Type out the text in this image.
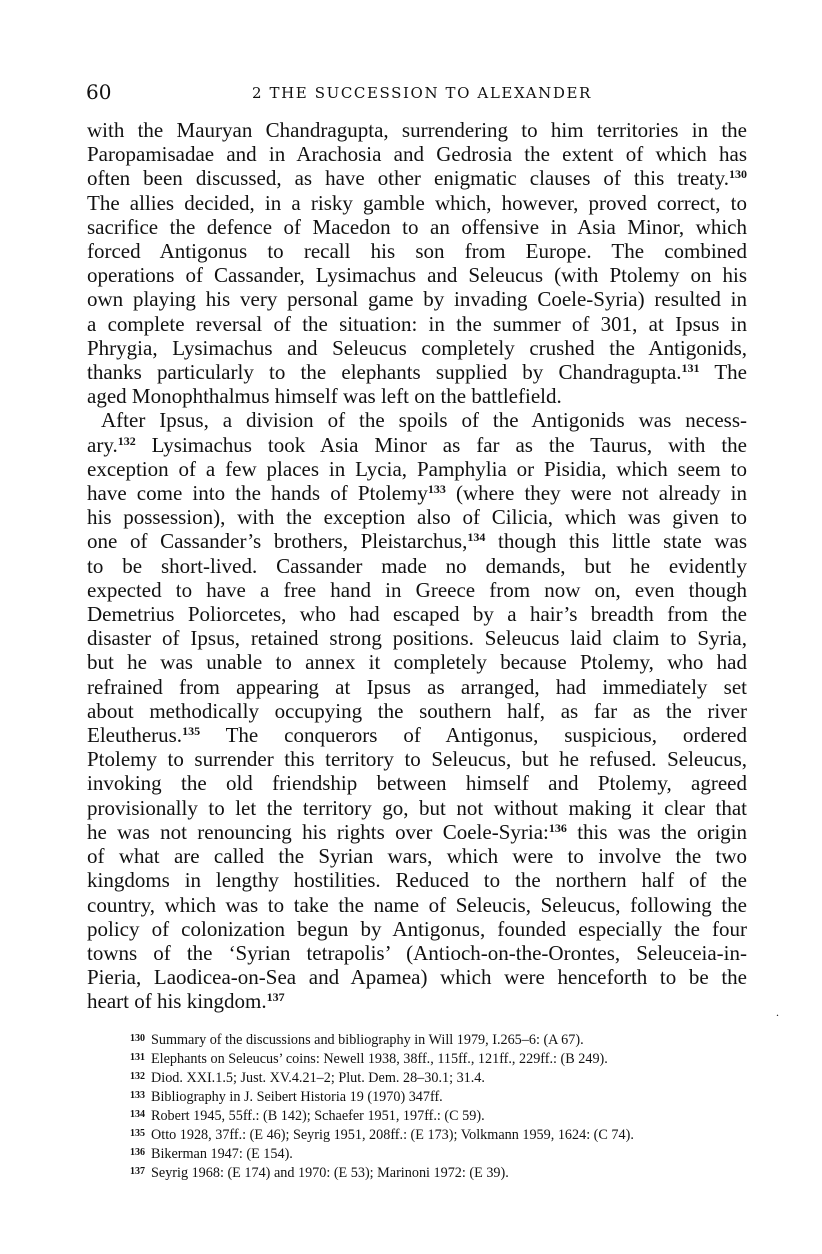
60	2 THE SUCCESSION TO ALEXANDER
with the Mauryan Chandragupta, surrendering to him territories in the
Paropamisadae and in Arachosia and Gedrosia the extent of which has
often been discussed, as have other enigmatic clauses of this treaty.$^{130}$
The allies decided, in a risky gamble which, however, proved correct, to
sacrifice the defence of Macedon to an offensive in Asia Minor, which
forced Antigonus to recall his son from Europe. The combined
operations of Cassander, Lysimachus and Seleucus (with Ptolemy on his
own playing his very personal game by invading Coele-Syria) resulted in
a complete reversal of the situation: in the summer of 301, at Ipsus in
Phrygia, Lysimachus and Seleucus completely crushed the Antigonids,
thanks particularly to the elephants supplied by Chandragupta.$^{131}$ The
aged Monophthalmus himself was left on the battlefield.
After Ipsus, a division of the spoils of the Antigonids was necess-
ary.$^{132}$ Lysimachus took Asia Minor as far as the Taurus, with the
exception of a few places in Lycia, Pamphylia or Pisidia, which seem to
have come into the hands of Ptolemy$^{133}$ (where they were not already in
his possession), with the exception also of Cilicia, which was given to
one of Cassander’s brothers, Pleistarchus,$^{134}$ though this little state was
to be short-lived. Cassander made no demands, but he evidently
expected to have a free hand in Greece from now on, even though
Demetrius Poliorcetes, who had escaped by a hair’s breadth from the
disaster of Ipsus, retained strong positions. Seleucus laid claim to Syria,
but he was unable to annex it completely because Ptolemy, who had
refrained from appearing at Ipsus as arranged, had immediately set
about methodically occupying the southern half, as far as the river
Eleutherus.$^{135}$ The conquerors of Antigonus, suspicious, ordered
Ptolemy to surrender this territory to Seleucus, but he refused. Seleucus,
invoking the old friendship between himself and Ptolemy, agreed
provisionally to let the territory go, but not without making it clear that
he was not renouncing his rights over Coele-Syria:$^{136}$ this was the origin
of what are called the Syrian wars, which were to involve the two
kingdoms in lengthy hostilities. Reduced to the northern half of the
country, which was to take the name of Seleucis, Seleucus, following the
policy of colonization begun by Antigonus, founded especially the four
towns of the ‘Syrian tetrapolis’ (Antioch-on-the-Orontes, Seleuceia-in-
Pieria, Laodicea-on-Sea and Apamea) which were henceforth to be the
heart of his kingdom.$^{137}$
.
130 Summary of the discussions and bibliography in Will 1979, I.265–6: (A 67).
131 Elephants on Seleucus’ coins: Newell 1938, 38ff., 115ff., 121ff., 229ff.: (B 249).
132 Diod. XXI.1.5; Just. XV.4.21–2; Plut. Dem. 28–30.1; 31.4.
133 Bibliography in J. Seibert Historia 19 (1970) 347ff.
134 Robert 1945, 55ff.: (B 142); Schaefer 1951, 197ff.: (C 59).
135 Otto 1928, 37ff.: (E 46); Seyrig 1951, 208ff.: (E 173); Volkmann 1959, 1624: (C 74).
136 Bikerman 1947: (E 154).
137 Seyrig 1968: (E 174) and 1970: (E 53); Marinoni 1972: (E 39).
